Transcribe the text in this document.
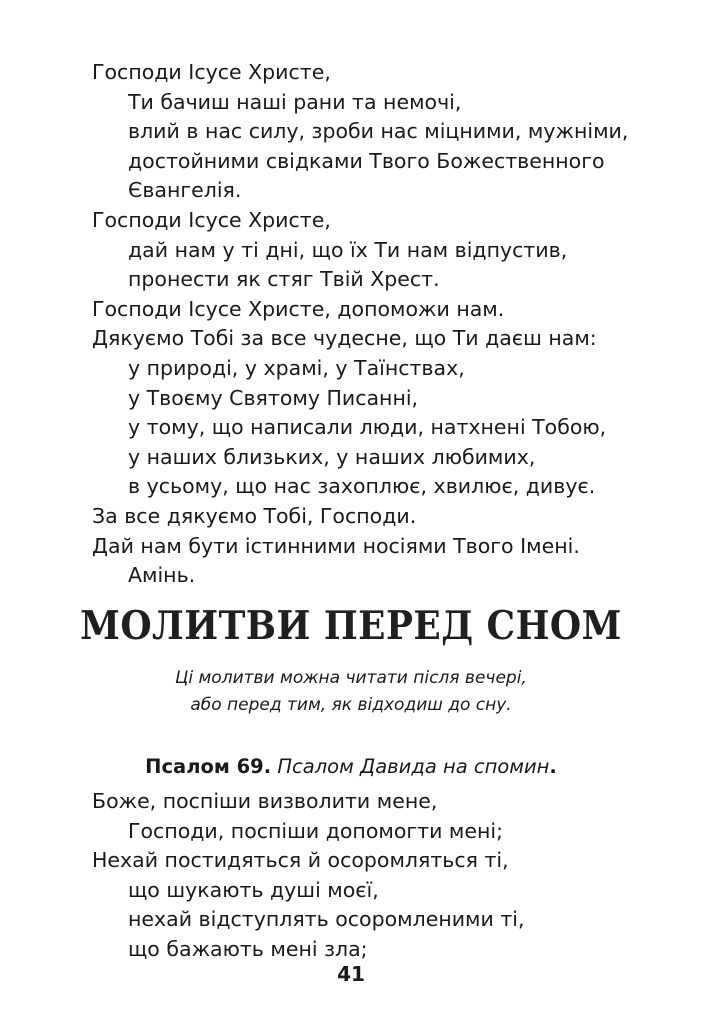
Господи Ісусе Христе,
Ти бачиш наші рани та немочі,
влий в нас силу, зроби нас міцними, мужніми,
достойними свідками Твого Божественного
Євангелія.
Господи Ісусе Христе,
дай нам у ті дні, що їх Ти нам відпустив,
пронести як стяг Твій Хрест.
Господи Ісусе Христе, допоможи нам.
Дякуємо Тобі за все чудесне, що Ти даєш нам:
у природі, у храмі, у Таїнствах,
у Твоєму Святому Писанні,
у тому, що написали люди, натхнені Тобою,
у наших близьких, у наших любимих,
в усьому, що нас захоплює, хвилює, дивує.
За все дякуємо Тобі, Господи.
Дай нам бути істинними носіями Твого Імені.
Амінь.
МОЛИТВИ ПЕРЕД СНОМ
Ці молитви можна читати після вечері,
або перед тим, як відходиш до сну.
Псалом 69. Псалом Давида на спомин.
Боже, поспіши визволити мене,
Господи, поспіши допомогти мені;
Нехай постидяться й осоромляться ті,
що шукають душі моєї,
нехай відступлять осоромленими ті,
що бажають мені зла;
41
